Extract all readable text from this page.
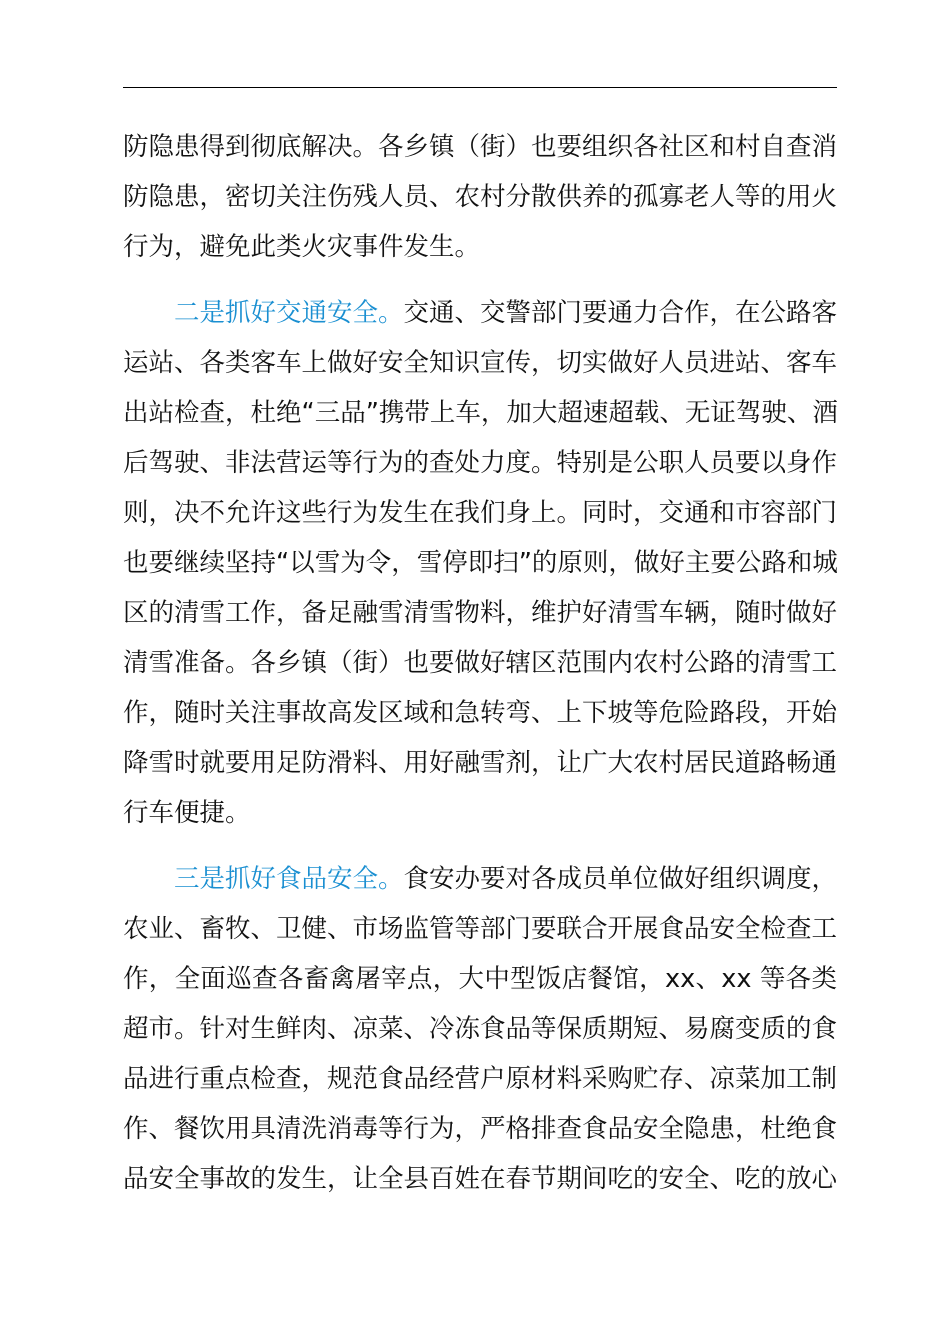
防隐患得到彻底解决。各乡镇（街）也要组织各社区和村自查消
防隐患，密切关注伤残人员、农村分散供养的孤寡老人等的用火
行为，避免此类火灾事件发生。
二是抓好交通安全。交通、交警部门要通力合作，在公路客
运站、各类客车上做好安全知识宣传，切实做好人员进站、客车
出站检查，杜绝“三品”携带上车，加大超速超载、无证驾驶、酒
后驾驶、非法营运等行为的查处力度。特别是公职人员要以身作
则，决不允许这些行为发生在我们身上。同时，交通和市容部门
也要继续坚持“以雪为令，雪停即扫”的原则，做好主要公路和城
区的清雪工作，备足融雪清雪物料，维护好清雪车辆，随时做好
清雪准备。各乡镇（街）也要做好辖区范围内农村公路的清雪工
作，随时关注事故高发区域和急转弯、上下坡等危险路段，开始
降雪时就要用足防滑料、用好融雪剂，让广大农村居民道路畅通
行车便捷。
三是抓好食品安全。食安办要对各成员单位做好组织调度，
农业、畜牧、卫健、市场监管等部门要联合开展食品安全检查工
作，全面巡查各畜禽屠宰点，大中型饭店餐馆，xx、xx 等各类
超市。针对生鲜肉、凉菜、冷冻食品等保质期短、易腐变质的食
品进行重点检查，规范食品经营户原材料采购贮存、凉菜加工制
作、餐饮用具清洗消毒等行为，严格排查食品安全隐患，杜绝食
品安全事故的发生，让全县百姓在春节期间吃的安全、吃的放心
